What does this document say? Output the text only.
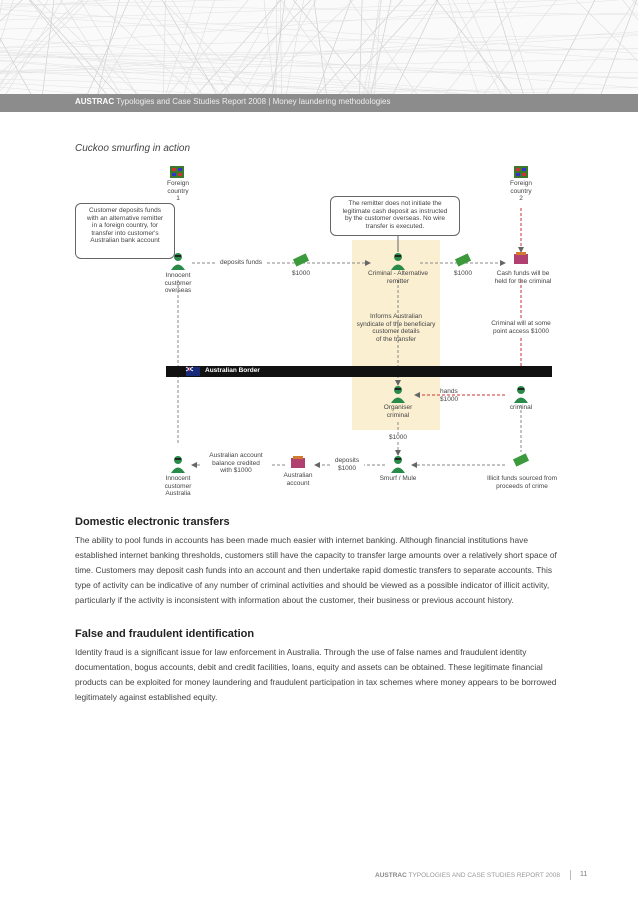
AUSTRAC Typologies and Case Studies Report 2008 | Money laundering methodologies
Cuckoo smurfing in action
Foreign
country
1
Foreign
country
2
Customer deposits funds
with an alternative remitter
in a foreign country, for
transfer into customer's
Australian bank account
The remitter does not initiate the
legitimate cash deposit as instructed
by the customer overseas. No wire
transfer is executed.
Innocent
customer
overseas
deposits funds
$1000	Criminal - Alternative
remitter
$1000	Cash funds will be
held for the criminal
Informs Australian
syndicate of the beneficiary
customer details
of the transfer
Criminal will at some
point access $1000
Australian Border
hands
$1000
Organiser
criminal
criminal
$1000
Australian account
balance credited
with $1000
deposits
$1000
Innocent
customer
Australia
Australian
account
Smurf / Mule	Illicit funds sourced from
proceeds of crime
Domestic electronic transfers
The ability to pool funds in accounts has been made much easier with internet banking. Although financial institutions have established internet banking thresholds, customers still have the capacity to transfer large amounts over a relatively short space of time. Customers may deposit cash funds into an account and then undertake rapid domestic transfers to separate accounts. This type of activity can be indicative of any number of criminal activities and should be viewed as a possible indicator of illicit activity, particularly if the activity is inconsistent with information about the customer, their business or previous account history.
False and fraudulent identification
Identity fraud is a significant issue for law enforcement in Australia. Through the use of false names and fraudulent identity documentation, bogus accounts, debit and credit facilities, loans, equity and assets can be obtained. These legitimate financial products can be exploited for money laundering and fraudulent participation in tax schemes where money appears to be borrowed legitimately against established equity.
AUSTRAC TYPOLOGIES AND CASE STUDIES REPORT 2008	11
